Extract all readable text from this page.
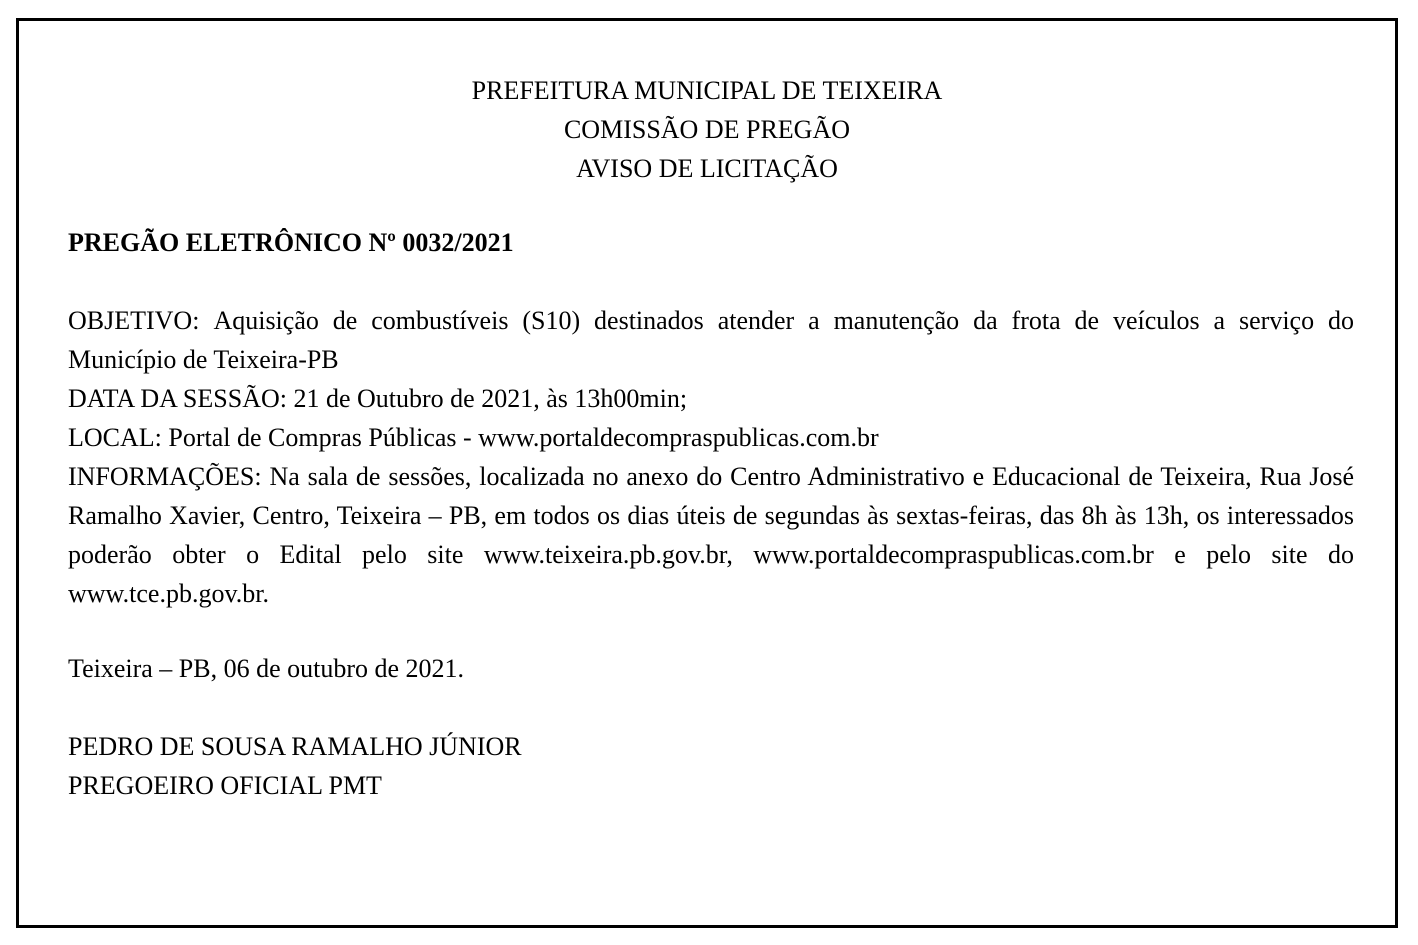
PREFEITURA MUNICIPAL DE TEIXEIRA
COMISSÃO DE PREGÃO
AVISO DE LICITAÇÃO
PREGÃO ELETRÔNICO Nº 0032/2021

OBJETIVO: Aquisição de combustíveis (S10) destinados atender a manutenção da frota de veículos a serviço do Município de Teixeira-PB

DATA DA SESSÃO: 21 de Outubro de 2021, às 13h00min;

LOCAL: Portal de Compras Públicas - www.portaldecompraspublicas.com.br

INFORMAÇÕES: Na sala de sessões, localizada no anexo do Centro Administrativo e Educacional de Teixeira, Rua José Ramalho Xavier, Centro, Teixeira – PB, em todos os dias úteis de segundas às sextas-feiras, das 8h às 13h, os interessados poderão obter o Edital pelo site www.teixeira.pb.gov.br, www.portaldecompraspublicas.com.br e pelo site do www.tce.pb.gov.br.

Teixeira – PB, 06 de outubro de 2021.
PEDRO DE SOUSA RAMALHO JÚNIOR
PREGOEIRO OFICIAL PMT
